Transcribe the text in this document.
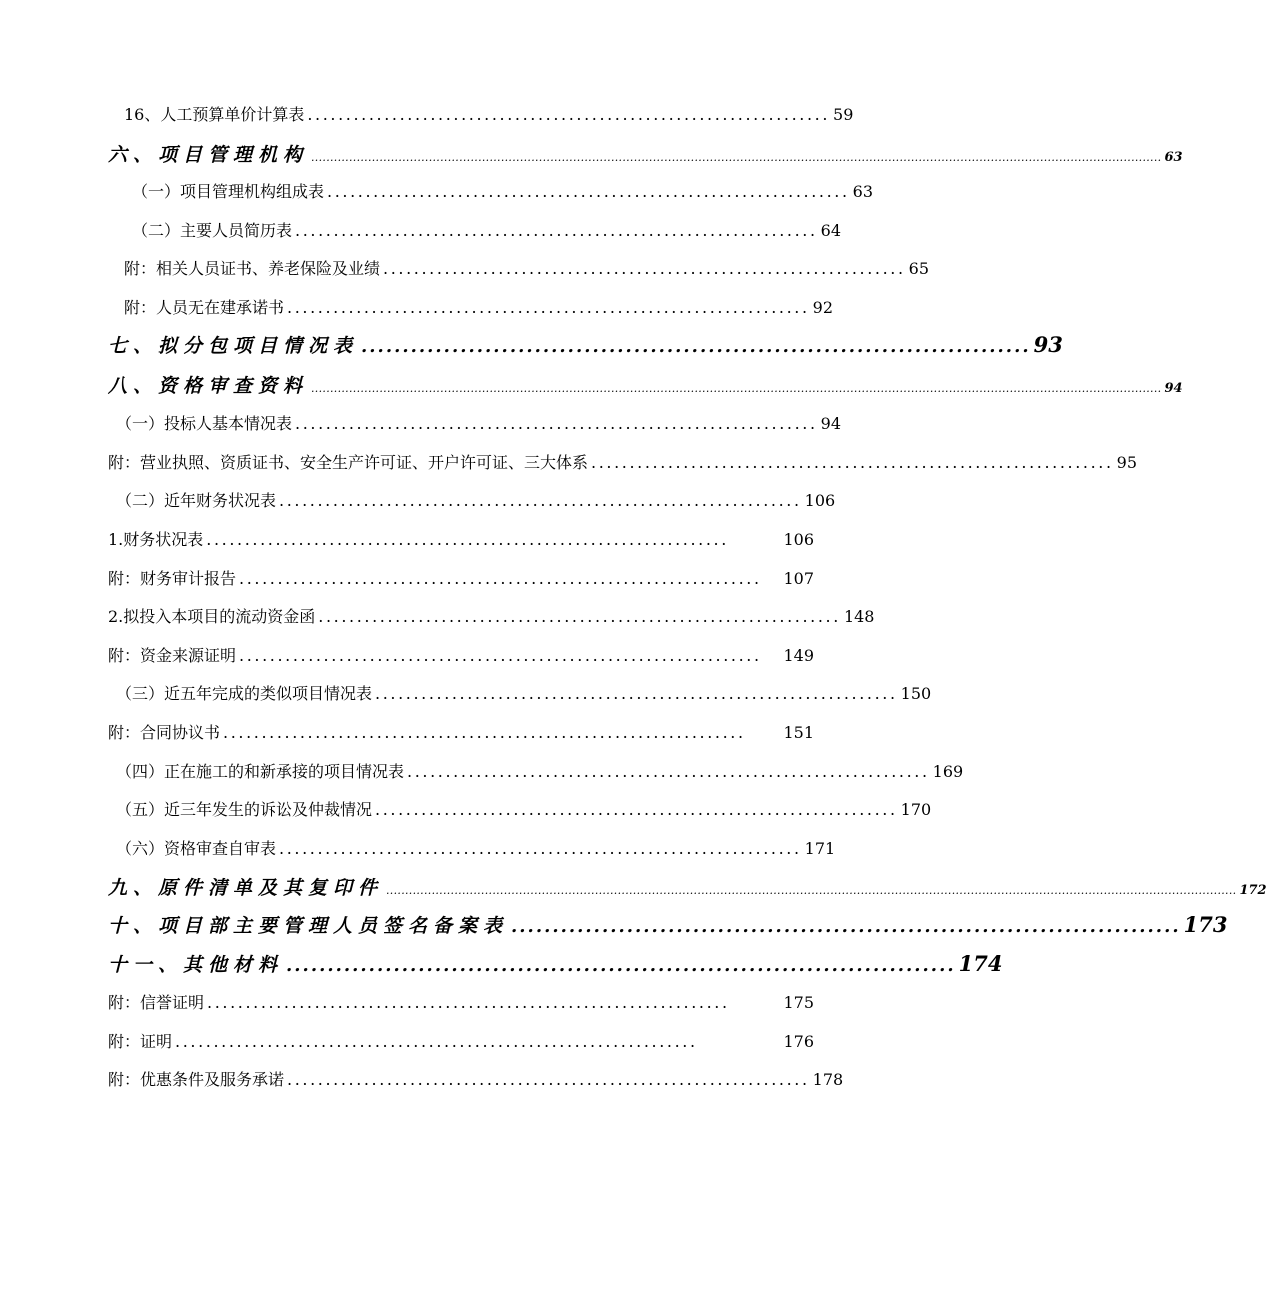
16、人工预算单价计算表 .................................................................... 59
六、项目管理机构 ................................................................................................................................................................................................................................ 63
（一）项目管理机构组成表 .................................................................... 63
（二）主要人员简历表 .................................................................... 64
附：相关人员证书、养老保险及业绩 .................................................................... 65
附：人员无在建承诺书 .................................................................... 92
七、拟分包项目情况表 ................................................................................. 93
八、资格审查资料 ................................................................................................................................................................................................................................ 94
（一）投标人基本情况表 .................................................................... 94
附：营业执照、资质证书、安全生产许可证、开户许可证、三大体系 .................................................................... 95
（二）近年财务状况表 .................................................................... 106
1.财务状况表 ....................................................................	106
附：财务审计报告 ....................................................................	107
2.拟投入本项目的流动资金函 .................................................................... 148
附：资金来源证明 ....................................................................	149
（三）近五年完成的类似项目情况表 .................................................................... 150
附：合同协议书 ....................................................................	151
（四）正在施工的和新承接的项目情况表 .................................................................... 169
（五）近三年发生的诉讼及仲裁情况 .................................................................... 170
（六）资格审查自审表 .................................................................... 171
九、原件清单及其复印件 ................................................................................................................................................................................................................................ 172
十、项目部主要管理人员签名备案表 ................................................................................. 173
十一、其他材料 ................................................................................. 174
附：信誉证明 ....................................................................	175
附：证明 ....................................................................	176
附：优惠条件及服务承诺 .................................................................... 178
